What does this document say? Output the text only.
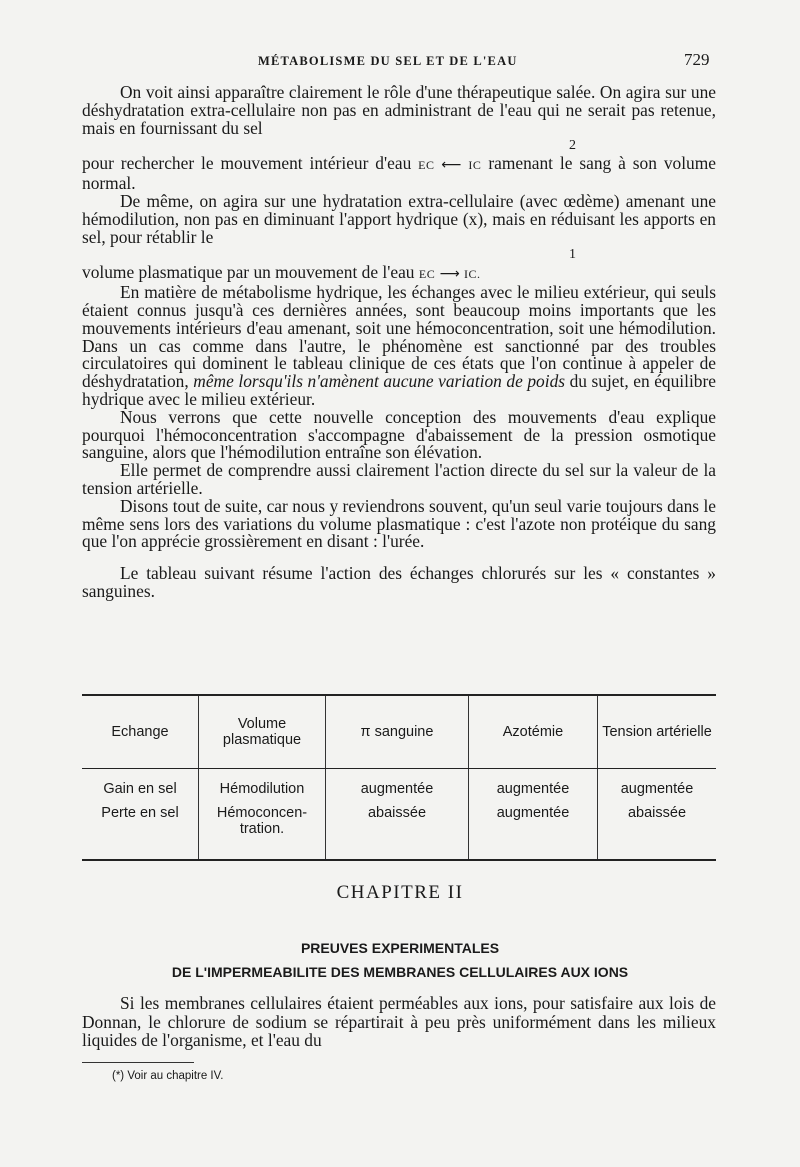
MÉTABOLISME DU SEL ET DE L'EAU	729

On voit ainsi apparaître clairement le rôle d'une thérapeutique salée. On agira sur une déshydratation extra-cellulaire non pas en administrant de l'eau qui ne serait pas retenue, mais en fournissant du sel

2

pour rechercher le mouvement intérieur d'eau EC ⟵ IC ramenant le sang à son volume normal.

De même, on agira sur une hydratation extra-cellulaire (avec œdème) amenant une hémodilution, non pas en diminuant l'apport hydrique (x), mais en réduisant les apports en sel, pour rétablir le

1

volume plasmatique par un mouvement de l'eau EC ⟶ IC.

En matière de métabolisme hydrique, les échanges avec le milieu extérieur, qui seuls étaient connus jusqu'à ces dernières années, sont beaucoup moins importants que les mouvements intérieurs d'eau amenant, soit une hémoconcentration, soit une hémodilution. Dans un cas comme dans l'autre, le phénomène est sanctionné par des troubles circulatoires qui dominent le tableau clinique de ces états que l'on continue à appeler de déshydratation, même lorsqu'ils n'amènent aucune variation de poids du sujet, en équilibre hydrique avec le milieu extérieur.

Nous verrons que cette nouvelle conception des mouvements d'eau explique pourquoi l'hémoconcentration s'accompagne d'abaissement de la pression osmotique sanguine, alors que l'hémodilution entraîne son élévation.

Elle permet de comprendre aussi clairement l'action directe du sel sur la valeur de la tension artérielle.

Disons tout de suite, car nous y reviendrons souvent, qu'un seul varie toujours dans le même sens lors des variations du volume plasmatique : c'est l'azote non protéique du sang que l'on apprécie grossièrement en disant : l'urée.

Le tableau suivant résume l'action des échanges chlorurés sur les « constantes » sanguines.

Echange	Volume plasmatique	π sanguine	Azotémie	Tension artérielle
Gain en sel	Hémodilution	augmentée	augmentée	augmentée
Perte en sel	Hémoconcen-tration.	abaissée	augmentée	abaissée
CHAPITRE II
PREUVES EXPERIMENTALES
DE L'IMPERMEABILITE DES MEMBRANES CELLULAIRES AUX IONS

Si les membranes cellulaires étaient perméables aux ions, pour satisfaire aux lois de Donnan, le chlorure de sodium se répartirait à peu près uniformément dans les milieux liquides de l'organisme, et l'eau du

(*) Voir au chapitre IV.
